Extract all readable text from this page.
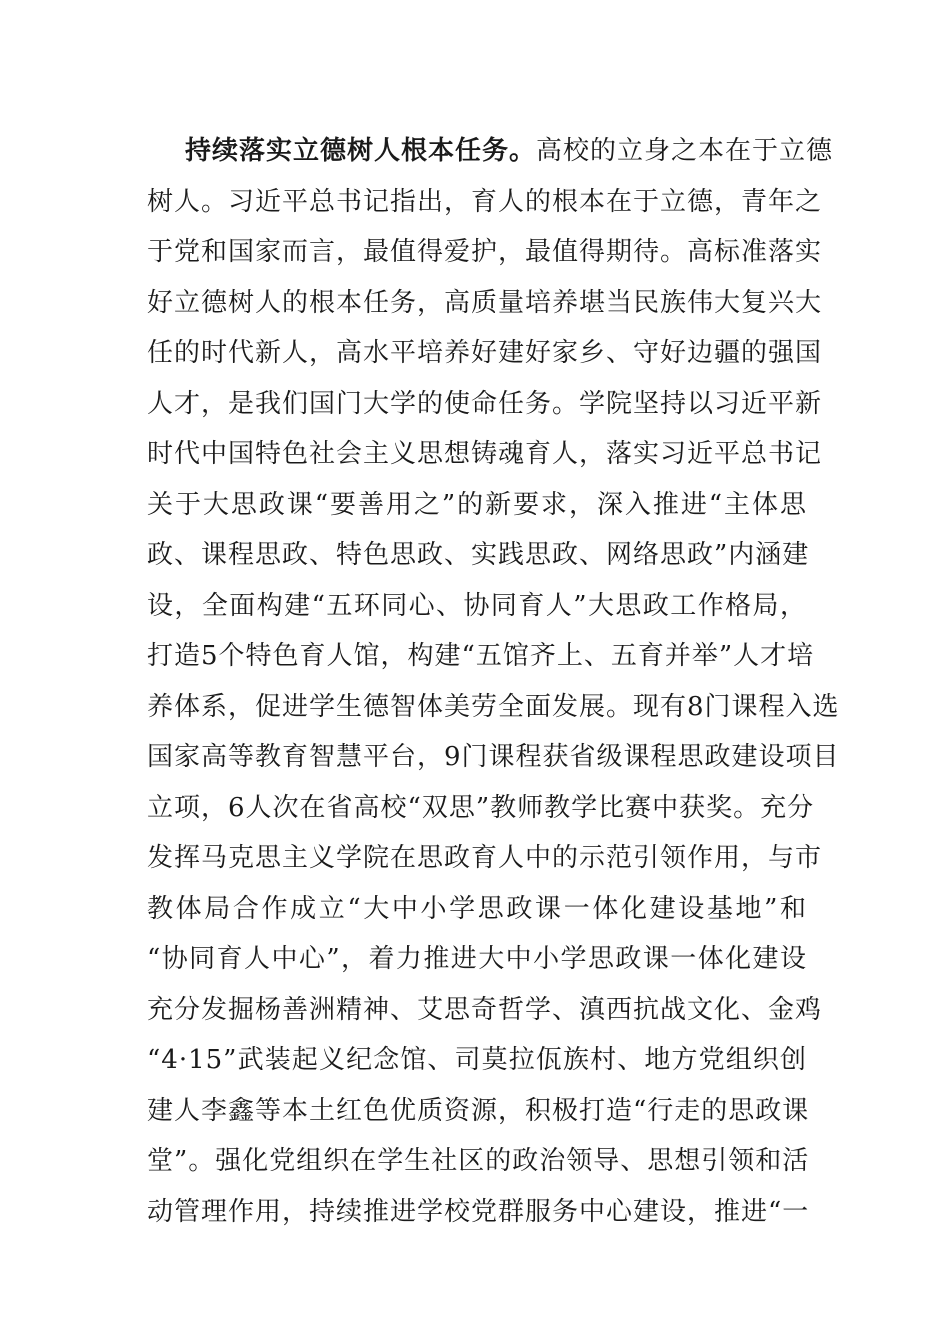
持续落实立德树人根本任务。高校的立身之本在于立德
树人。习近平总书记指出，育人的根本在于立德，青年之
于党和国家而言，最值得爱护，最值得期待。高标准落实
好立德树人的根本任务，高质量培养堪当民族伟大复兴大
任的时代新人，高水平培养好建好家乡、守好边疆的强国
人才，是我们国门大学的使命任务。学院坚持以习近平新
时代中国特色社会主义思想铸魂育人，落实习近平总书记
关于大思政课“要善用之”的新要求，深入推进“主体思
政、课程思政、特色思政、实践思政、网络思政”内涵建
设，全面构建“五环同心、协同育人”大思政工作格局，
打造5个特色育人馆，构建“五馆齐上、五育并举”人才培
养体系，促进学生德智体美劳全面发展。现有8门课程入选
国家高等教育智慧平台，9门课程获省级课程思政建设项目
立项，6人次在省高校“双思”教师教学比赛中获奖。充分
发挥马克思主义学院在思政育人中的示范引领作用，与市
教体局合作成立“大中小学思政课一体化建设基地”和
“协同育人中心”，着力推进大中小学思政课一体化建设
充分发掘杨善洲精神、艾思奇哲学、滇西抗战文化、金鸡
“4·15”武装起义纪念馆、司莫拉佤族村、地方党组织创
建人李鑫等本土红色优质资源，积极打造“行走的思政课
堂”。强化党组织在学生社区的政治领导、思想引领和活
动管理作用，持续推进学校党群服务中心建设，推进“一
